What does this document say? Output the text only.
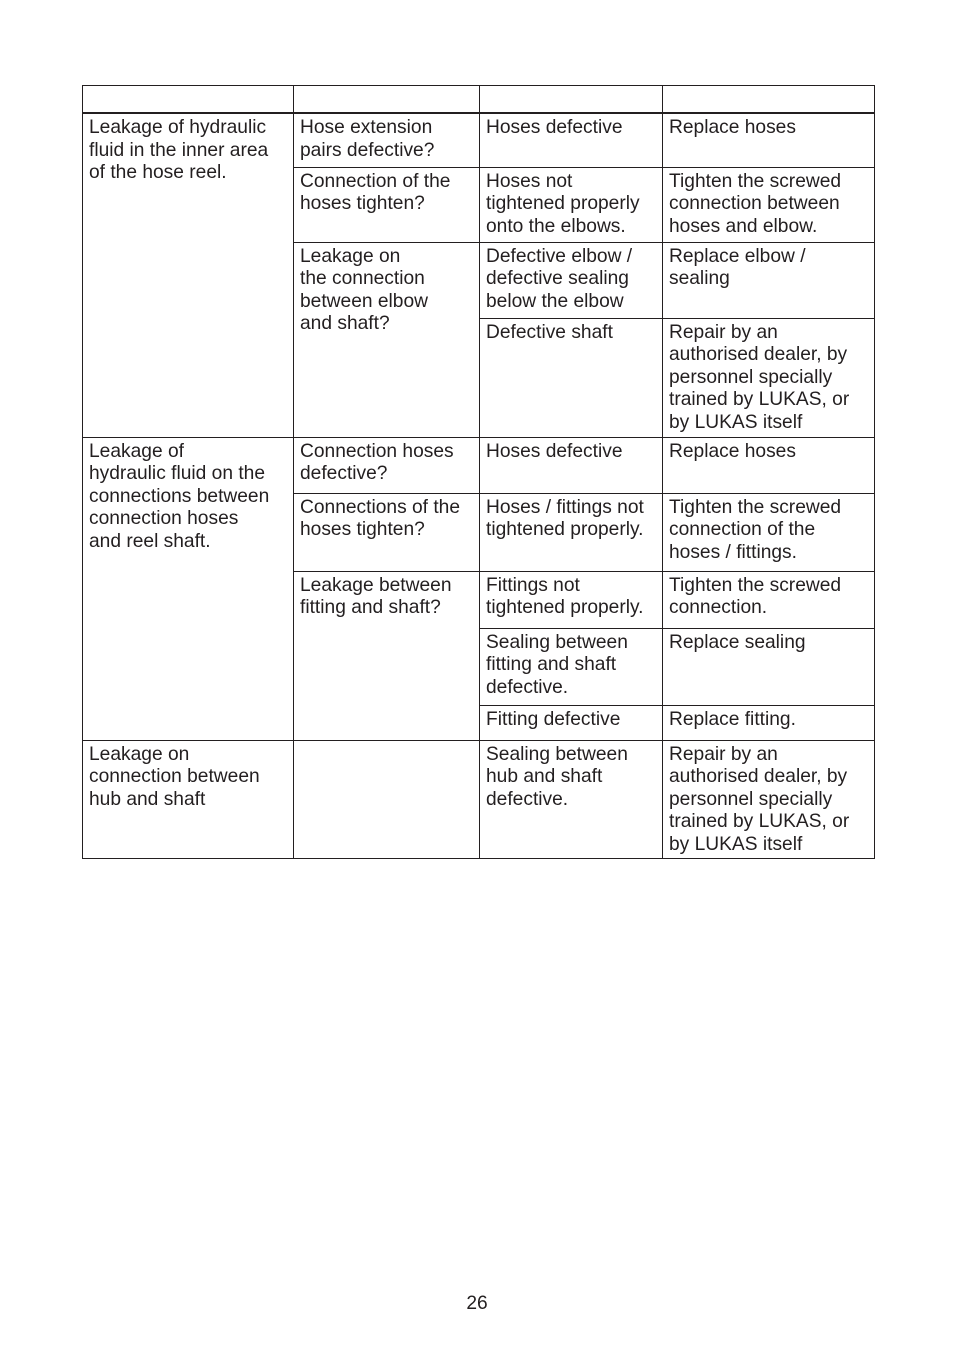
Leakage of hydraulic
fluid in the inner area
of the hose reel.	Hose extension
pairs defective?	Hoses defective	Replace hoses
	Connection of the
hoses tighten?	Hoses not
tightened properly
onto the elbows.	Tighten the screwed
connection between
hoses and elbow.
	Leakage on
the connection
between elbow
and shaft?	Defective elbow /
defective sealing
below the elbow	Replace elbow /
sealing
		Defective shaft	Repair by an
authorised dealer, by
personnel specially
trained by LUKAS, or
by LUKAS itself
Leakage of
hydraulic fluid on the
connections between
connection hoses
and reel shaft.	Connection hoses
defective?	Hoses defective	Replace hoses
	Connections of the
hoses tighten?	Hoses / fittings not
tightened properly.	Tighten the screwed
connection of the
hoses / fittings.
	Leakage between
fitting and shaft?	Fittings not
tightened properly.	Tighten the screwed
connection.
		Sealing between
fitting and shaft
defective.	Replace sealing
		Fitting defective	Replace fitting.
Leakage on
connection between
hub and shaft		Sealing between
hub and shaft
defective.	Repair by an
authorised dealer, by
personnel specially
trained by LUKAS, or
by LUKAS itself
26
